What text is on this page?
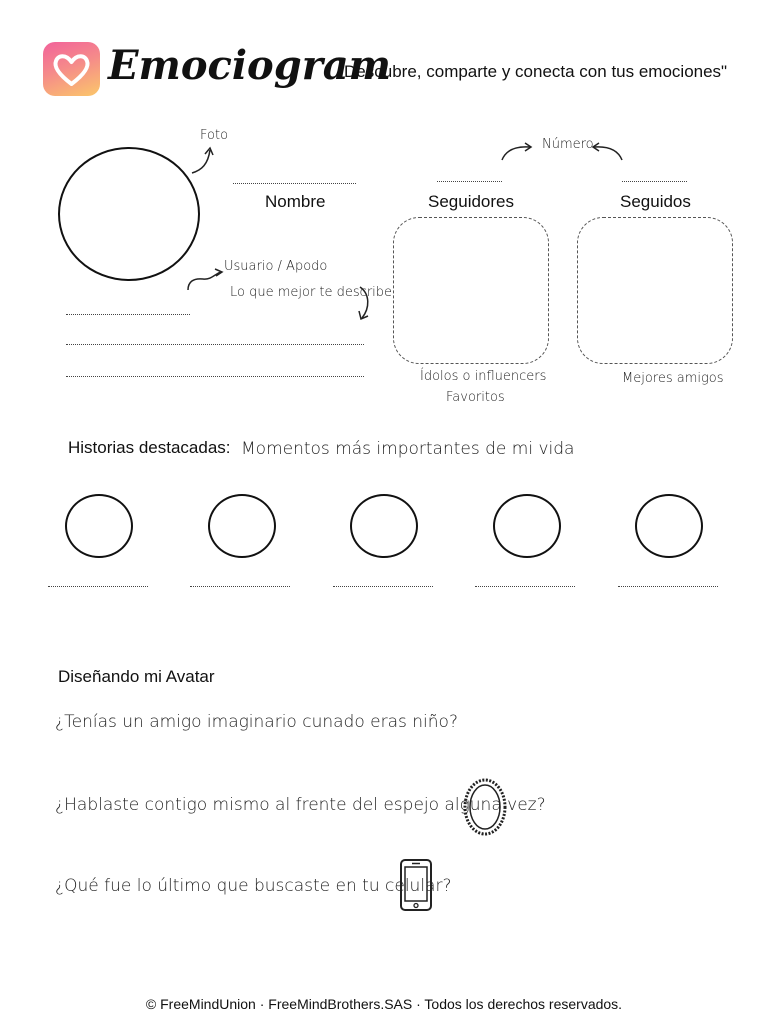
Emociogram
"Descubre, comparte y conecta con tus emociones"
Foto
Nombre
Número
Seguidores	Seguidos
Ídolos o influencers
Favoritos
Mejores amigos
Usuario / Apodo
Lo que mejor te describe
Historias destacadas: Momentos más importantes de mi vida
Diseñando mi Avatar
¿Tenías un amigo imaginario cunado eras niño?
¿Hablaste contigo mismo al frente del espejo alguna vez?
¿Qué fue lo último que buscaste en tu celular?
© FreeMindUnion · FreeMindBrothers.SAS · Todos los derechos reservados.
